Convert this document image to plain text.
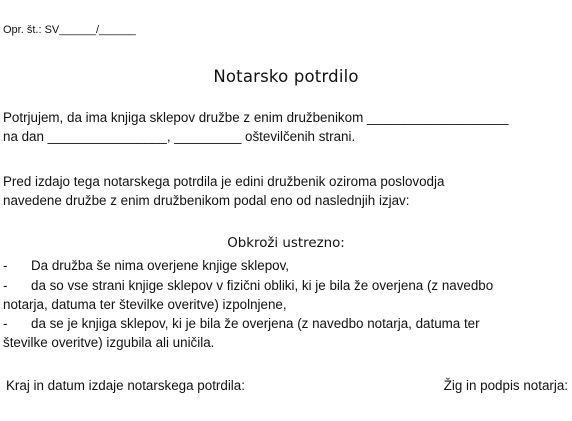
Opr. št.: SV______/______
Notarsko potrdilo
Potrjujem, da ima knjiga sklepov družbe z enim družbenikom ___________________
na dan ________________, _________ oštevilčenih strani.
Pred izdajo tega notarskega potrdila je edini družbenik oziroma poslovodja
navedene družbe z enim družbenikom podal eno od naslednjih izjav:
Obkroži ustrezno:
- Da družba še nima overjene knjige sklepov,
- da so vse strani knjige sklepov v fizični obliki, ki je bila že overjena (z navedbo
notarja, datuma ter številke overitve) izpolnjene,
- da se je knjiga sklepov, ki je bila že overjena (z navedbo notarja, datuma ter
številke overitve) izgubila ali uničila.
Kraj in datum izdaje notarskega potrdila:	Žig in podpis notarja:
